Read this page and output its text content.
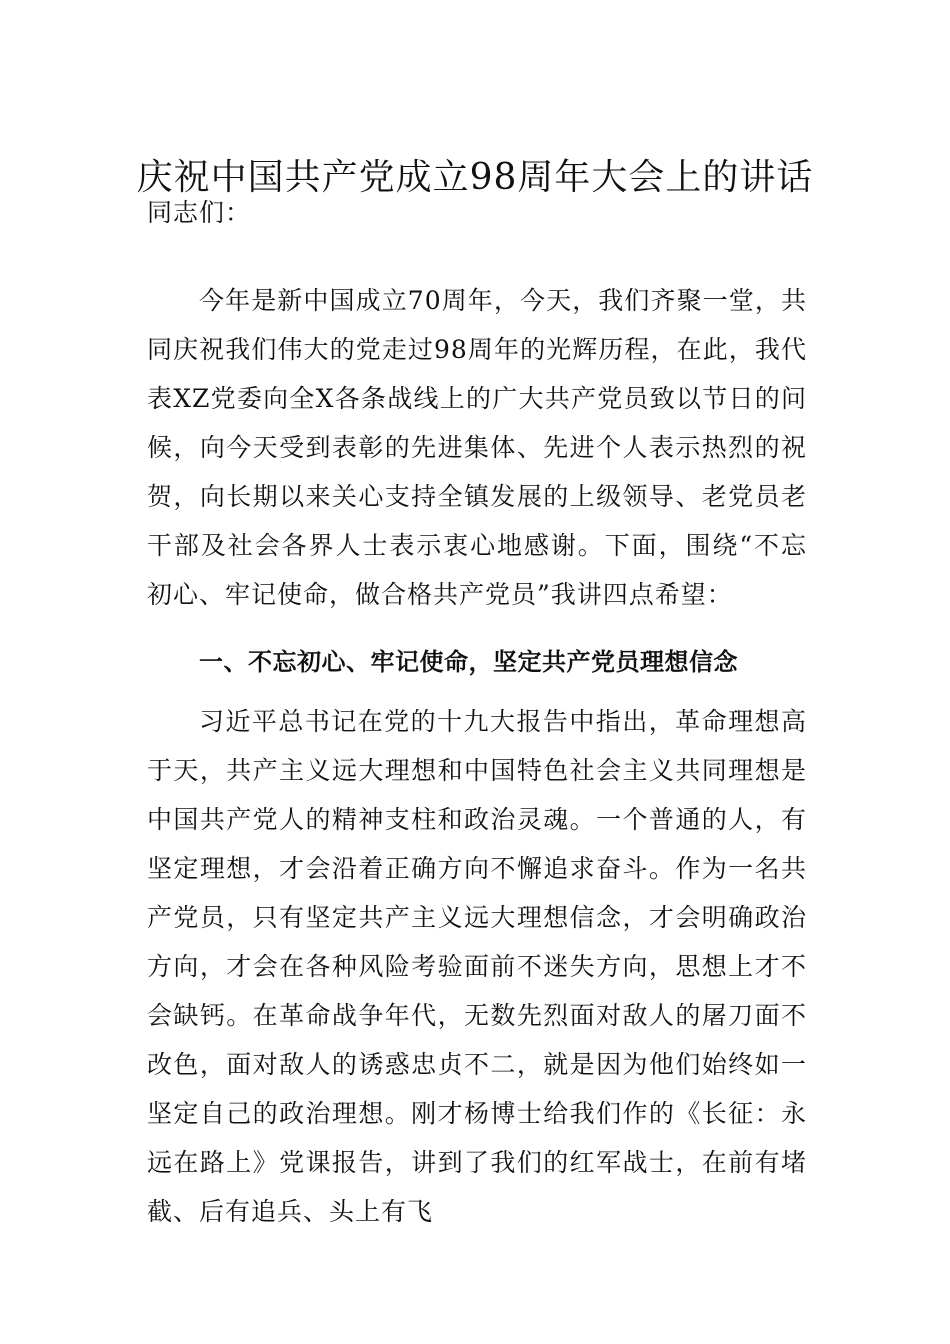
庆祝中国共产党成立98周年大会上的讲话

同志们：

今年是新中国成立70周年，今天，我们齐聚一堂，共同庆祝我们伟大的党走过98周年的光辉历程，在此，我代表XZ党委向全X各条战线上的广大共产党员致以节日的问候，向今天受到表彰的先进集体、先进个人表示热烈的祝贺，向长期以来关心支持全镇发展的上级领导、老党员老干部及社会各界人士表示衷心地感谢。下面，围绕“不忘初心、牢记使命，做合格共产党员”我讲四点希望：

一、不忘初心、牢记使命，坚定共产党员理想信念

习近平总书记在党的十九大报告中指出，革命理想高于天，共产主义远大理想和中国特色社会主义共同理想是中国共产党人的精神支柱和政治灵魂。一个普通的人，有坚定理想，才会沿着正确方向不懈追求奋斗。作为一名共产党员，只有坚定共产主义远大理想信念，才会明确政治方向，才会在各种风险考验面前不迷失方向，思想上才不会缺钙。在革命战争年代，无数先烈面对敌人的屠刀面不改色，面对敌人的诱惑忠贞不二，就是因为他们始终如一坚定自己的政治理想。刚才杨博士给我们作的《长征：永远在路上》党课报告，讲到了我们的红军战士，在前有堵截、后有追兵、头上有飞
